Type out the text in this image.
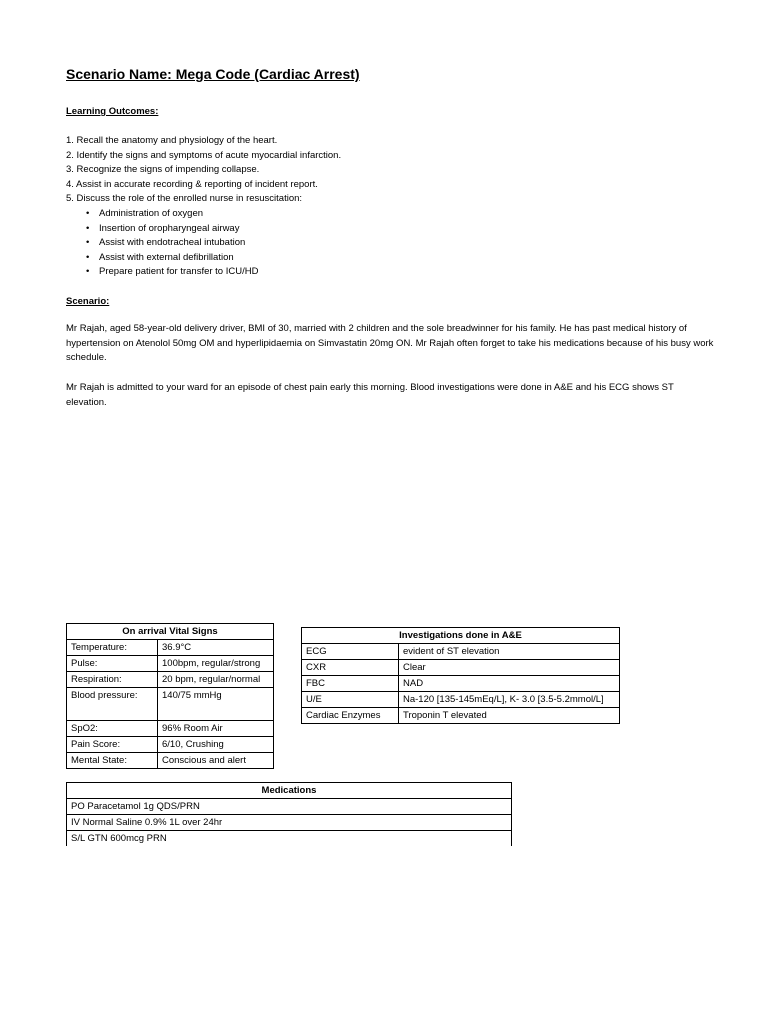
Scenario Name: Mega Code (Cardiac Arrest)
Learning Outcomes:
1. Recall the anatomy and physiology of the heart.
2. Identify the signs and symptoms of acute myocardial infarction.
3. Recognize the signs of impending collapse.
4. Assist in accurate recording & reporting of incident report.
5. Discuss the role of the enrolled nurse in resuscitation:
• Administration of oxygen
• Insertion of oropharyngeal airway
• Assist with endotracheal intubation
• Assist with external defibrillation
• Prepare patient for transfer to ICU/HD
Scenario:

Mr Rajah, aged 58-year-old delivery driver, BMI of 30, married with 2 children and the sole breadwinner for his family. He has past medical history of hypertension on Atenolol 50mg OM and hyperlipidaemia on Simvastatin 20mg ON. Mr Rajah often forget to take his medications because of his busy work schedule.

Mr Rajah is admitted to your ward for an episode of chest pain early this morning. Blood investigations were done in A&E and his ECG shows ST elevation.

On arrival Vital Signs	
Temperature:	36.9°C
Pulse:	100bpm, regular/strong
Respiration:	20 bpm, regular/normal
Blood pressure:	140/75 mmHg
SpO2:	96% Room Air
Pain Score:	6/10, Crushing
Mental State:	Conscious and alert
Investigations done in A&E	
ECG	evident of ST elevation
CXR	Clear
FBC	NAD
U/E	Na-120 [135-145mEq/L], K- 3.0 [3.5-5.2mmol/L]
Cardiac Enzymes	Troponin T elevated
Medications
PO Paracetamol 1g QDS/PRN
IV Normal Saline 0.9% 1L over 24hr
S/L GTN 600mcg PRN
